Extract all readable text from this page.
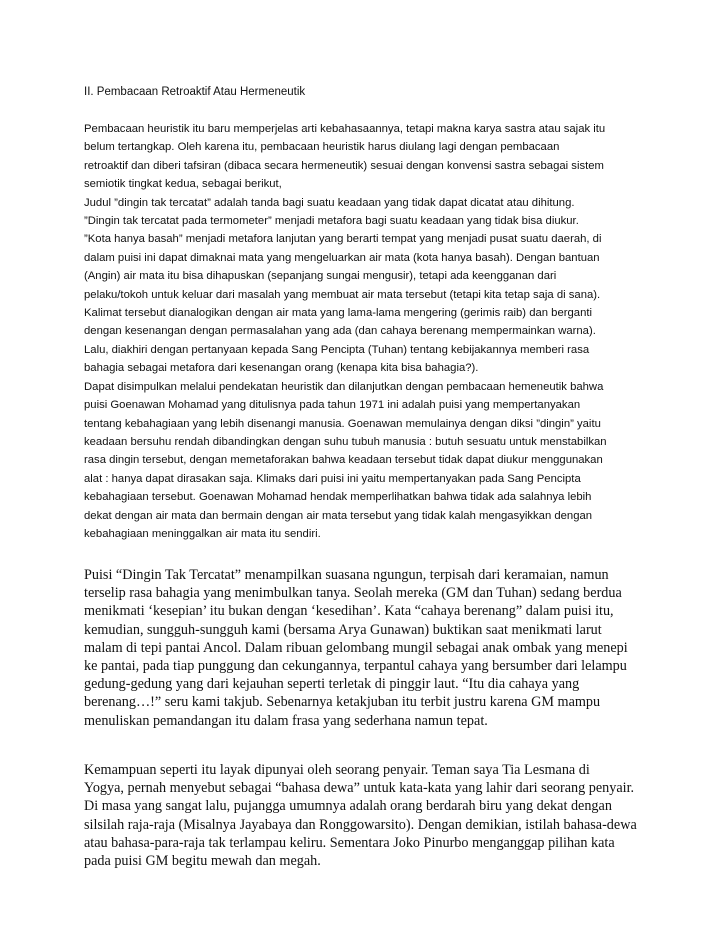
II. Pembacaan Retroaktif Atau Hermeneutik
Pembacaan heuristik itu baru memperjelas arti kebahasaannya, tetapi makna karya sastra atau sajak itu
belum tertangkap. Oleh karena itu, pembacaan heuristik harus diulang lagi dengan pembacaan
retroaktif dan diberi tafsiran (dibaca secara hermeneutik) sesuai dengan konvensi sastra sebagai sistem
semiotik tingkat kedua, sebagai berikut,
Judul ”dingin tak tercatat” adalah tanda bagi suatu keadaan yang tidak dapat dicatat atau dihitung.
”Dingin tak tercatat pada termometer” menjadi metafora bagi suatu keadaan yang tidak bisa diukur.
”Kota hanya basah” menjadi metafora lanjutan yang berarti tempat yang menjadi pusat suatu daerah, di
dalam puisi ini dapat dimaknai mata yang mengeluarkan air mata (kota hanya basah). Dengan bantuan
(Angin) air mata itu bisa dihapuskan (sepanjang sungai mengusir), tetapi ada keengganan dari
pelaku/tokoh untuk keluar dari masalah yang membuat air mata tersebut (tetapi kita tetap saja di sana).
Kalimat tersebut dianalogikan dengan air mata yang lama-lama mengering (gerimis raib) dan berganti
dengan kesenangan dengan permasalahan yang ada (dan cahaya berenang mempermainkan warna).
Lalu, diakhiri dengan pertanyaan kepada Sang Pencipta (Tuhan) tentang kebijakannya memberi rasa
bahagia sebagai metafora dari kesenangan orang (kenapa kita bisa bahagia?).
Dapat disimpulkan melalui pendekatan heuristik dan dilanjutkan dengan pembacaan hemeneutik bahwa
puisi Goenawan Mohamad yang ditulisnya pada tahun 1971 ini adalah puisi yang mempertanyakan
tentang kebahagiaan yang lebih disenangi manusia. Goenawan memulainya dengan diksi ”dingin” yaitu
keadaan bersuhu rendah dibandingkan dengan suhu tubuh manusia : butuh sesuatu untuk menstabilkan
rasa dingin tersebut, dengan memetaforakan bahwa keadaan tersebut tidak dapat diukur menggunakan
alat : hanya dapat dirasakan saja. Klimaks dari puisi ini yaitu mempertanyakan pada Sang Pencipta
kebahagiaan tersebut. Goenawan Mohamad hendak memperlihatkan bahwa tidak ada salahnya lebih
dekat dengan air mata dan bermain dengan air mata tersebut yang tidak kalah mengasyikkan dengan
kebahagiaan meninggalkan air mata itu sendiri.
Puisi “Dingin Tak Tercatat” menampilkan suasana ngungun, terpisah dari keramaian, namun
terselip rasa bahagia yang menimbulkan tanya. Seolah mereka (GM dan Tuhan) sedang berdua
menikmati ‘kesepian’ itu bukan dengan ‘kesedihan’. Kata “cahaya berenang” dalam puisi itu,
kemudian, sungguh-sungguh kami (bersama Arya Gunawan) buktikan saat menikmati larut
malam di tepi pantai Ancol. Dalam ribuan gelombang mungil sebagai anak ombak yang menepi
ke pantai, pada tiap punggung dan cekungannya, terpantul cahaya yang bersumber dari lelampu
gedung-gedung yang dari kejauhan seperti terletak di pinggir laut. “Itu dia cahaya yang
berenang…!” seru kami takjub. Sebenarnya ketakjuban itu terbit justru karena GM mampu
menuliskan pemandangan itu dalam frasa yang sederhana namun tepat.
Kemampuan seperti itu layak dipunyai oleh seorang penyair. Teman saya Tia Lesmana di
Yogya, pernah menyebut sebagai “bahasa dewa” untuk kata-kata yang lahir dari seorang penyair.
Di masa yang sangat lalu, pujangga umumnya adalah orang berdarah biru yang dekat dengan
silsilah raja-raja (Misalnya Jayabaya dan Ronggowarsito). Dengan demikian, istilah bahasa-dewa
atau bahasa-para-raja tak terlampau keliru. Sementara Joko Pinurbo menganggap pilihan kata
pada puisi GM begitu mewah dan megah.
